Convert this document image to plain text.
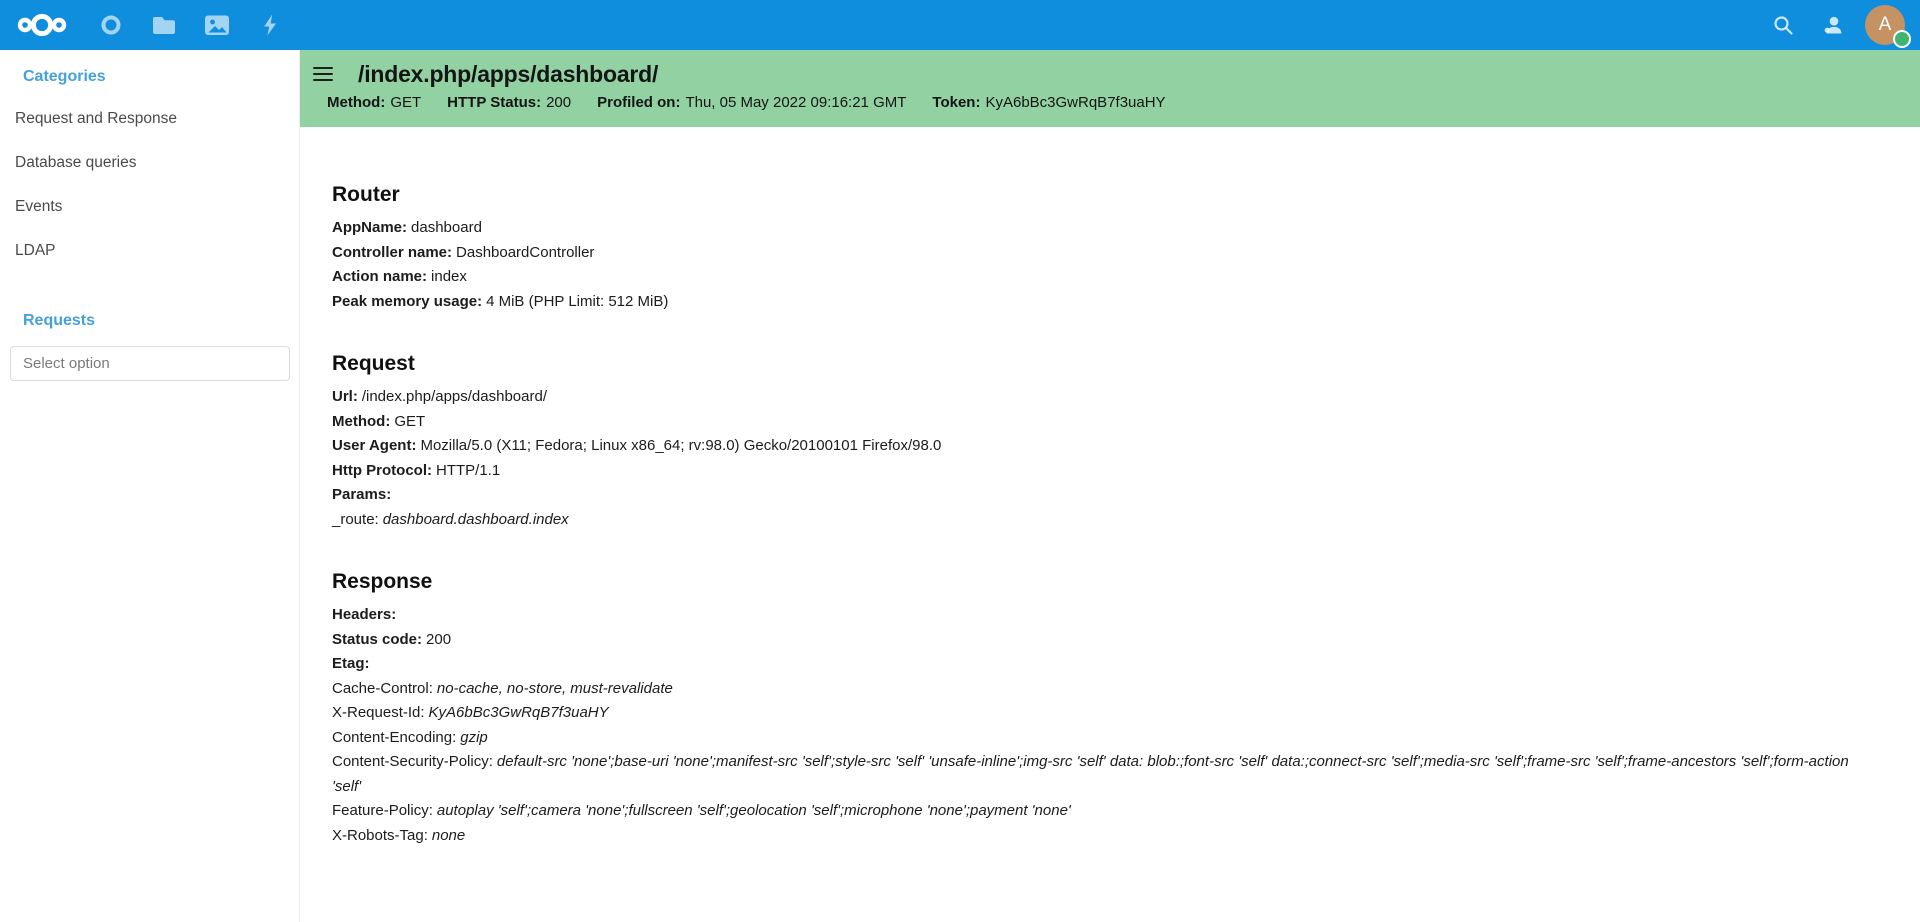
A
Categories
Request and Response
Database queries
Events
LDAP
Requests
Select option
/index.php/apps/dashboard/
Method: GET HTTP Status: 200 Profiled on: Thu, 05 May 2022 09:16:21 GMT Token: KyA6bBc3GwRqB7f3uaHY
Router
AppName: dashboard
Controller name: DashboardController
Action name: index
Peak memory usage: 4 MiB (PHP Limit: 512 MiB)
Request
Url: /index.php/apps/dashboard/
Method: GET
User Agent: Mozilla/5.0 (X11; Fedora; Linux x86_64; rv:98.0) Gecko/20100101 Firefox/98.0
Http Protocol: HTTP/1.1
Params:
_route: dashboard.dashboard.index
Response
Headers:
Status code: 200
Etag:
Cache-Control: no-cache, no-store, must-revalidate
X-Request-Id: KyA6bBc3GwRqB7f3uaHY
Content-Encoding: gzip
Content-Security-Policy: default-src 'none';base-uri 'none';manifest-src 'self';style-src 'self' 'unsafe-inline';img-src 'self' data: blob:;font-src 'self' data:;connect-src 'self';media-src 'self';frame-src 'self';frame-ancestors 'self';form-action 'self'
Feature-Policy: autoplay 'self';camera 'none';fullscreen 'self';geolocation 'self';microphone 'none';payment 'none'
X-Robots-Tag: none
